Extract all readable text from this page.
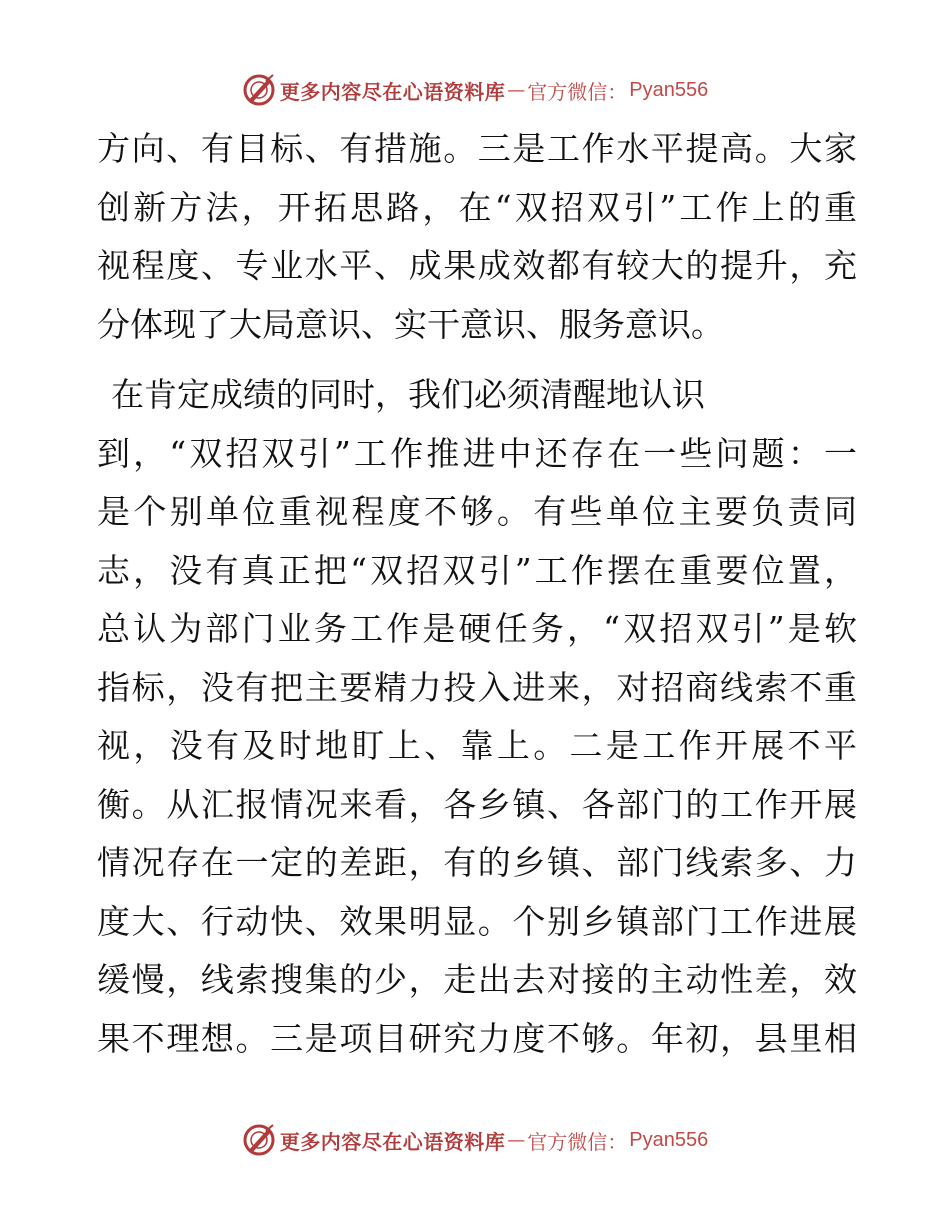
更多内容尽在心语资料库 — 官方微信： Pyan556
方向、有目标、有措施。三是工作水平提高。大家
创新方法，开拓思路，在“双招双引”工作上的重
视程度、专业水平、成果成效都有较大的提升，充
分体现了大局意识、实干意识、服务意识。
在肯定成绩的同时，我们必须清醒地认识
到，“双招双引”工作推进中还存在一些问题：一
是个别单位重视程度不够。有些单位主要负责同
志，没有真正把“双招双引”工作摆在重要位置，
总认为部门业务工作是硬任务，“双招双引”是软
指标，没有把主要精力投入进来，对招商线索不重
视，没有及时地盯上、靠上。二是工作开展不平
衡。从汇报情况来看，各乡镇、各部门的工作开展
情况存在一定的差距，有的乡镇、部门线索多、力
度大、行动快、效果明显。个别乡镇部门工作进展
缓慢，线索搜集的少，走出去对接的主动性差，效
果不理想。三是项目研究力度不够。年初，县里相
更多内容尽在心语资料库 — 官方微信： Pyan556
